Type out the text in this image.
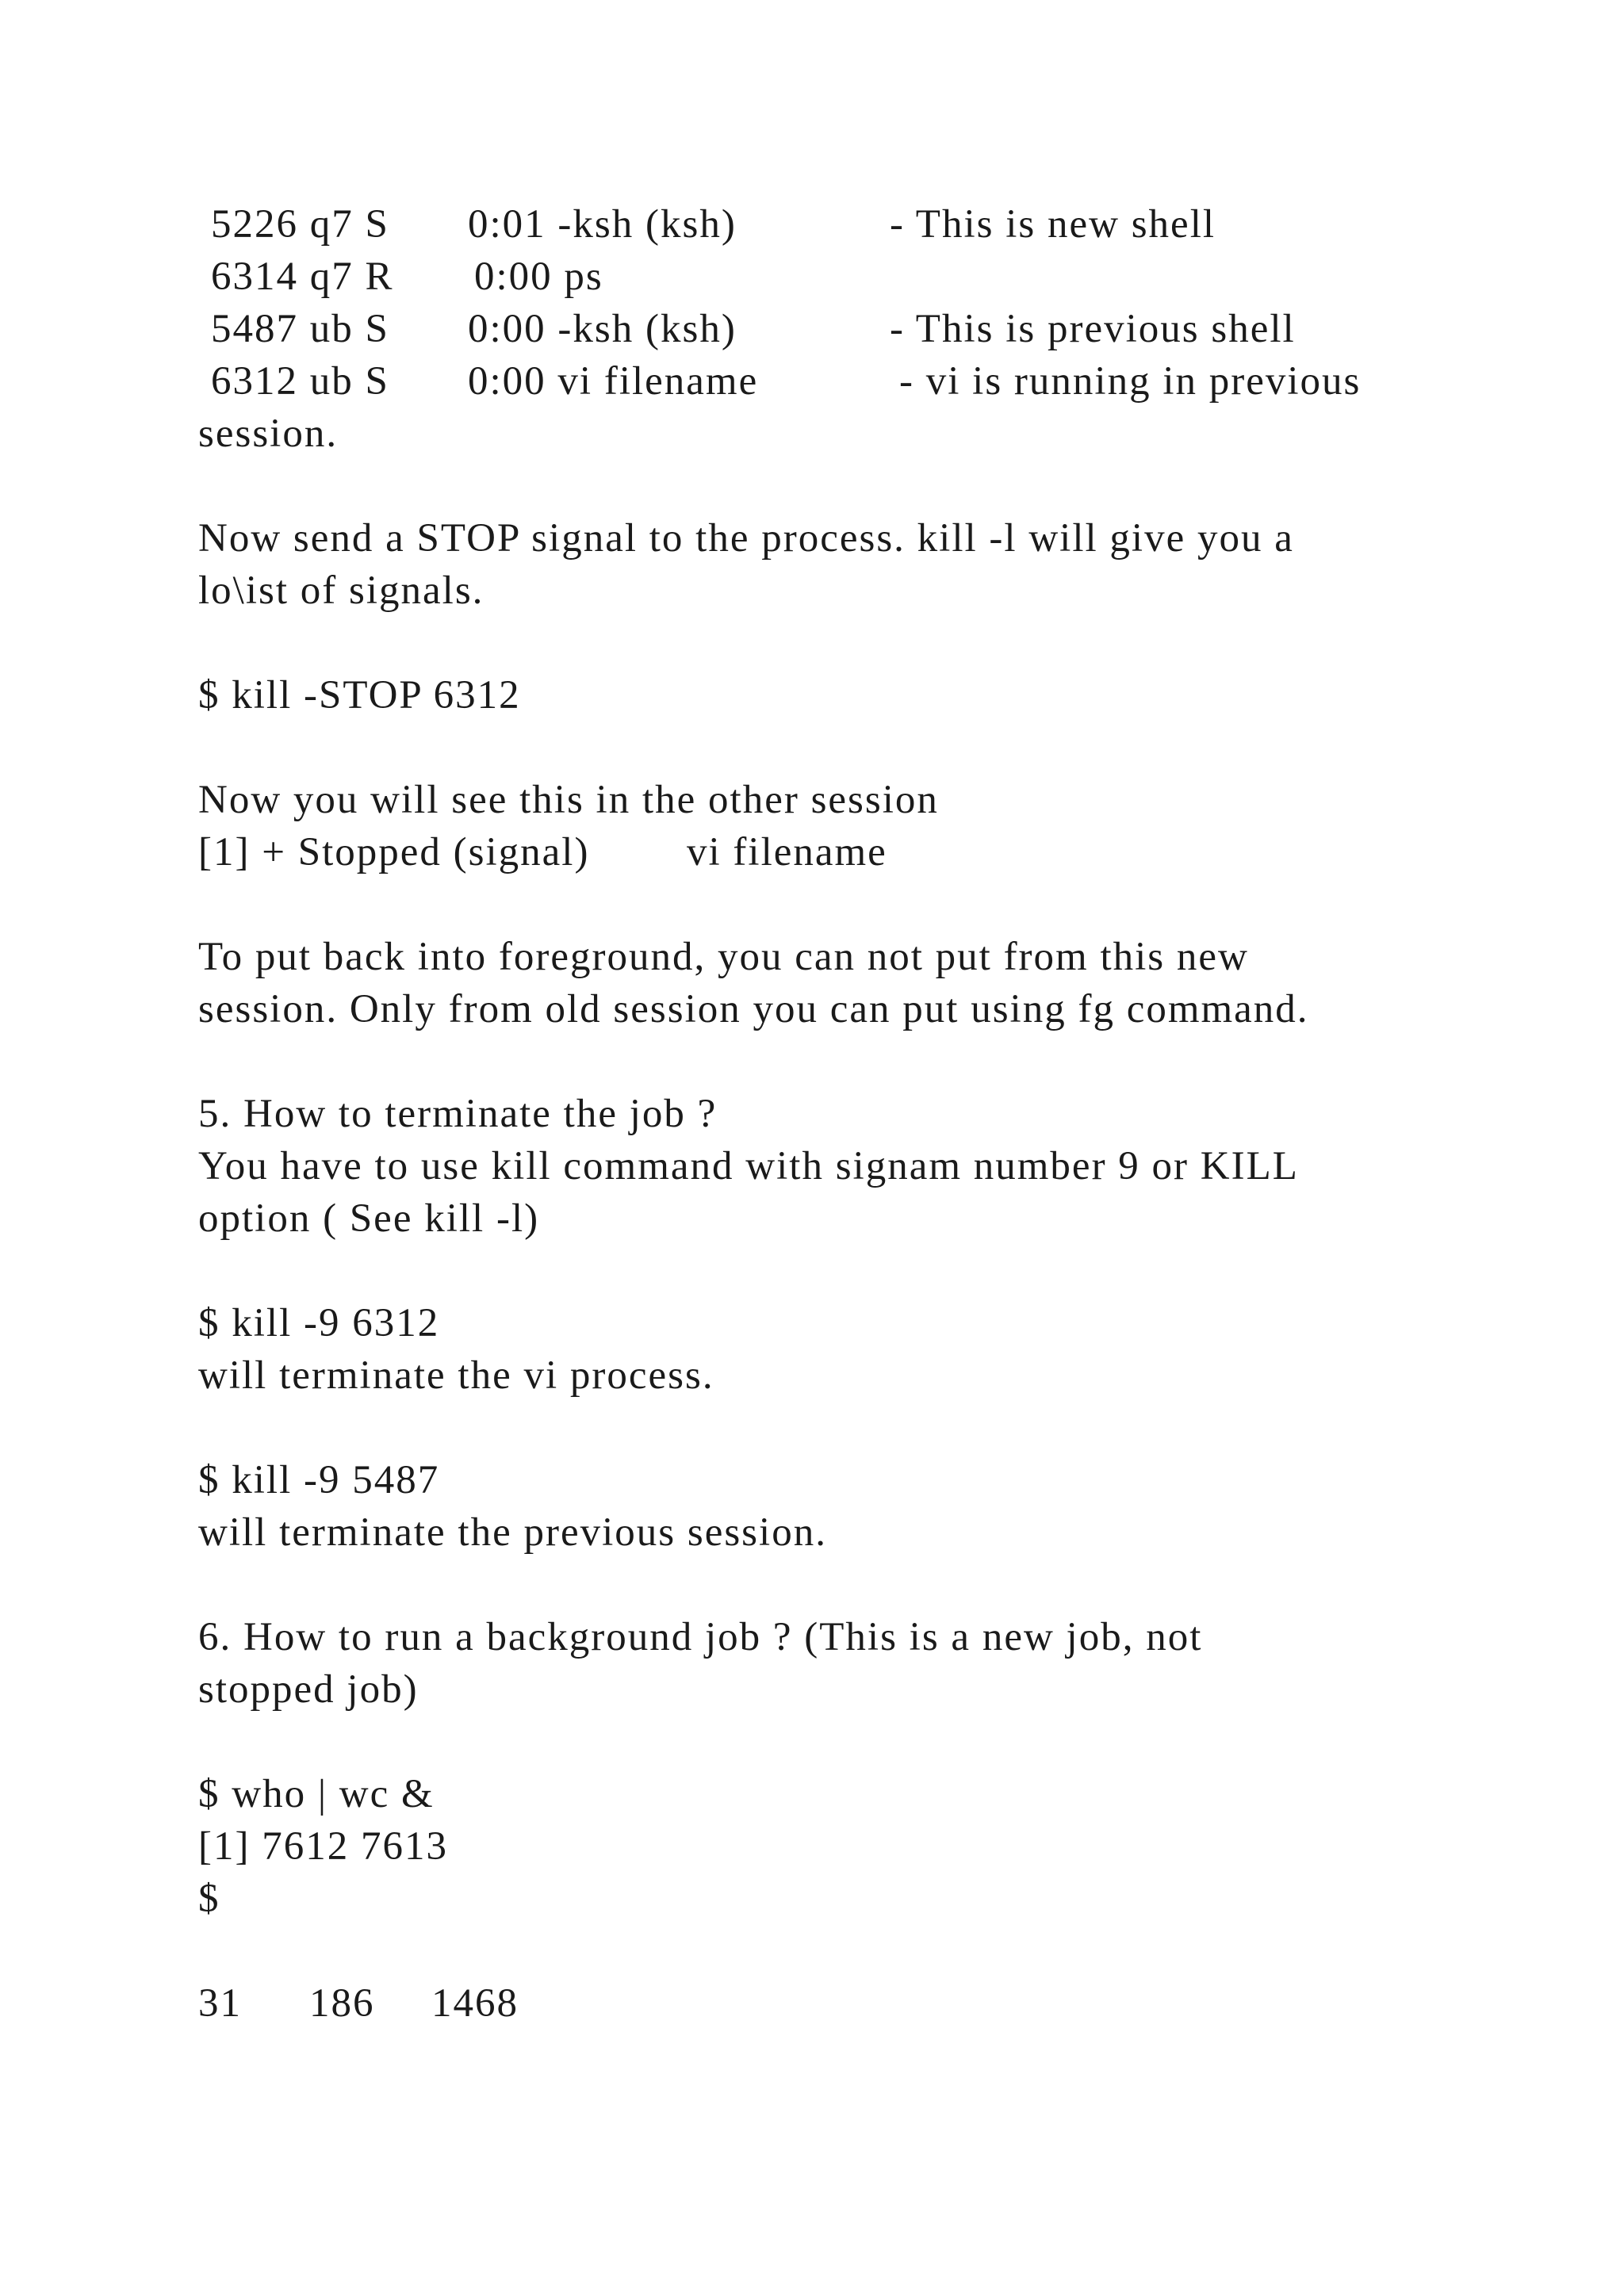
5226 q7 S 0:01 -ksh (ksh)	- This is new shell
6314 q7 R 0:00 ps
5487 ub S 0:00 -ksh (ksh)	- This is previous shell
6312 ub S 0:00 vi filename	- vi is running in previous
session.
Now send a STOP signal to the process. kill -l will give you a
lo\ist of signals.
$ kill -STOP 6312
Now you will see this in the other session
[1] + Stopped (signal) vi filename
To put back into foreground, you can not put from this new
session. Only from old session you can put using fg command.
5. How to terminate the job ?
You have to use kill command with signam number 9 or KILL
option ( See kill -l)
$ kill -9 6312
will terminate the vi process.
$ kill -9 5487
will terminate the previous session.
6. How to run a background job ? (This is a new job, not
stopped job)
$ who | wc &
[1] 7612 7613
$
31 186 1468
